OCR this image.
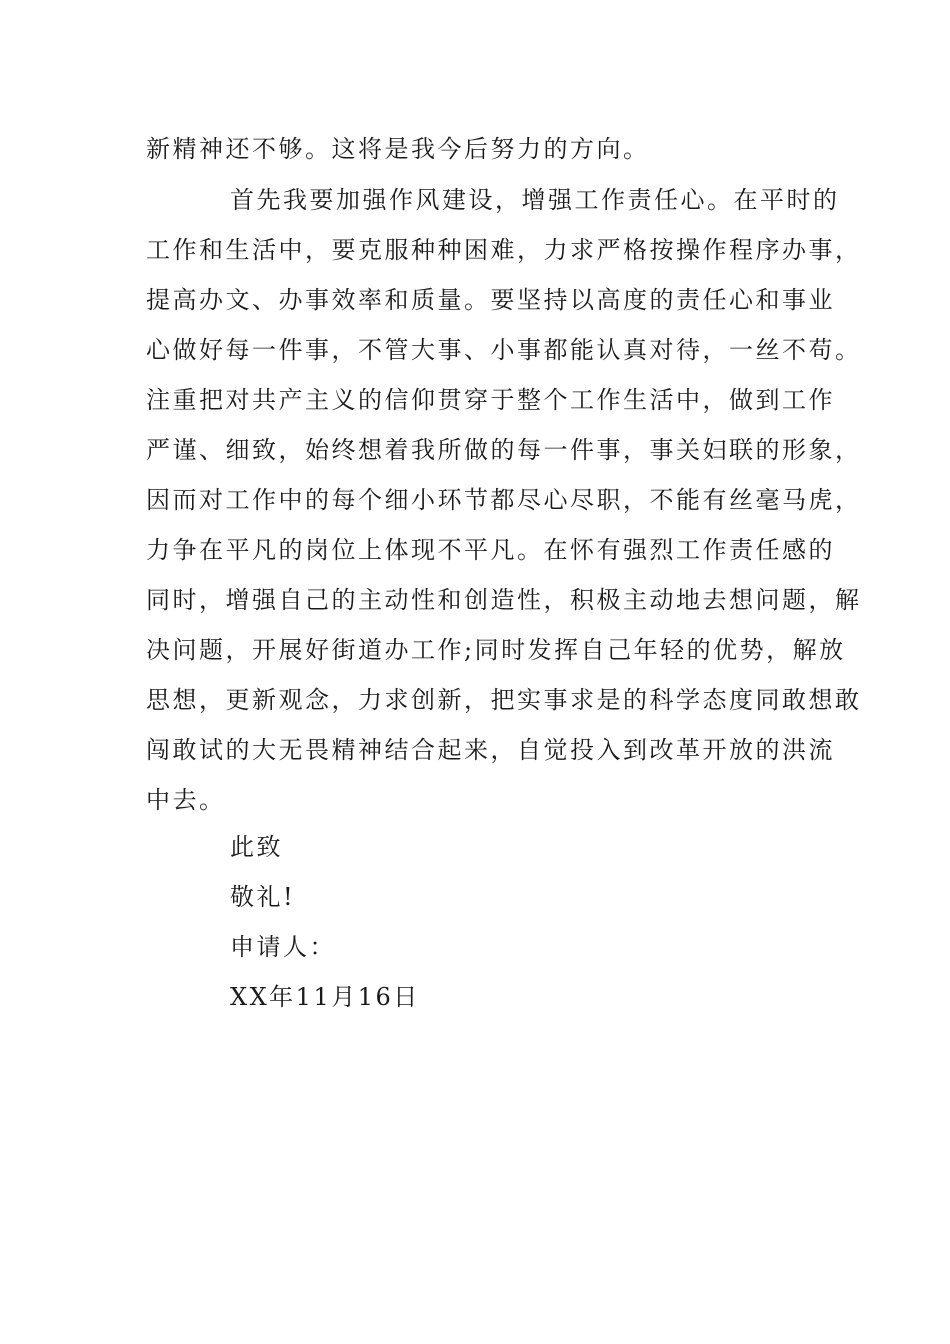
新精神还不够。这将是我今后努力的方向。
首先我要加强作风建设，增强工作责任心。在平时的
工作和生活中，要克服种种困难，力求严格按操作程序办事，
提高办文、办事效率和质量。要坚持以高度的责任心和事业
心做好每一件事，不管大事、小事都能认真对待，一丝不苟。
注重把对共产主义的信仰贯穿于整个工作生活中，做到工作
严谨、细致，始终想着我所做的每一件事，事关妇联的形象，
因而对工作中的每个细小环节都尽心尽职，不能有丝毫马虎，
力争在平凡的岗位上体现不平凡。在怀有强烈工作责任感的
同时，增强自己的主动性和创造性，积极主动地去想问题，解
决问题，开展好街道办工作;同时发挥自己年轻的优势，解放
思想，更新观念，力求创新，把实事求是的科学态度同敢想敢
闯敢试的大无畏精神结合起来，自觉投入到改革开放的洪流
中去。
此致
敬礼!
申请人：
XX年11月16日
